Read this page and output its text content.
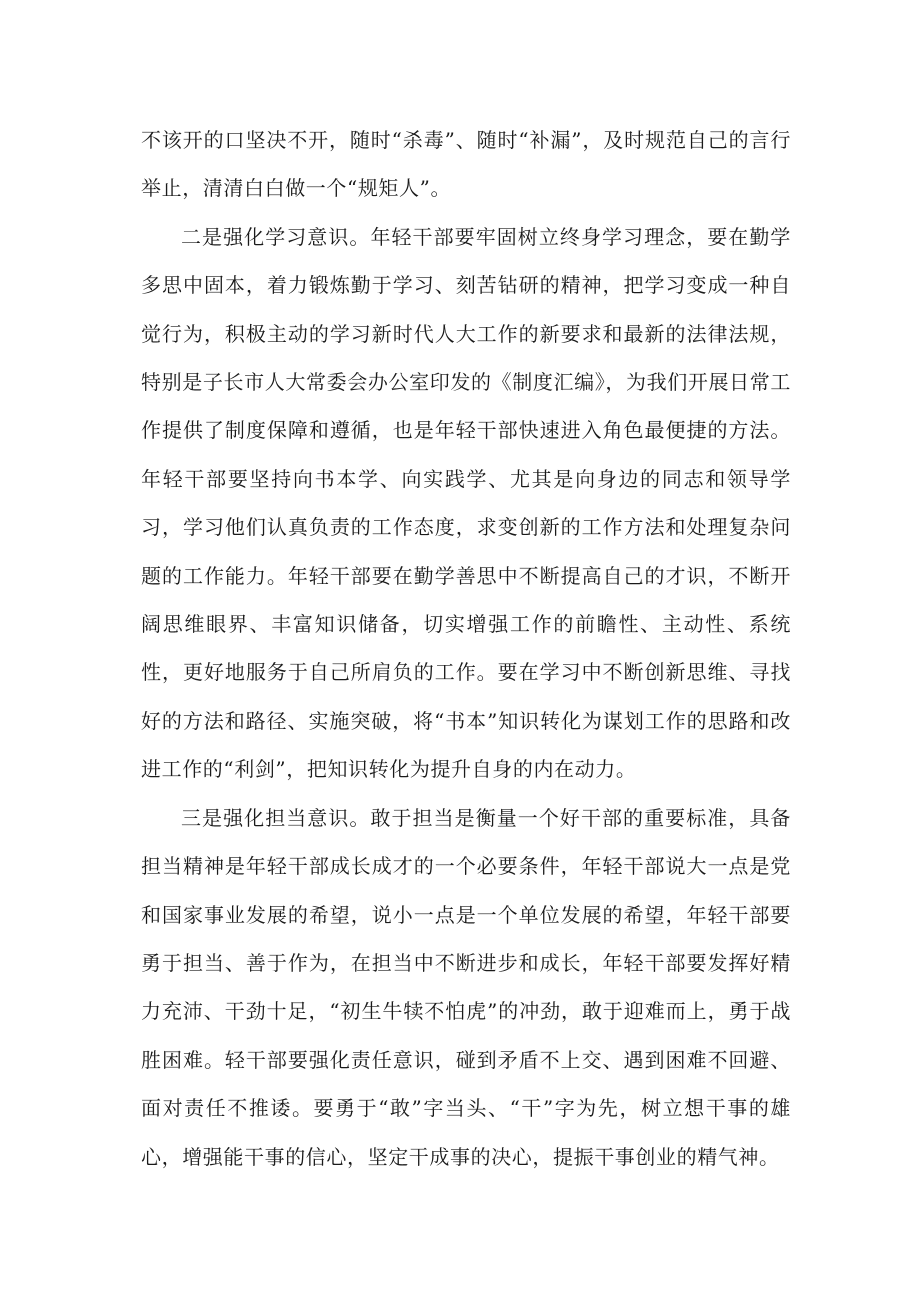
不该开的口坚决不开，随时“杀毒”、随时“补漏”，及时规范自己的言行举止，清清白白做一个“规矩人”。

二是强化学习意识。年轻干部要牢固树立终身学习理念，要在勤学多思中固本，着力锻炼勤于学习、刻苦钻研的精神，把学习变成一种自觉行为，积极主动的学习新时代人大工作的新要求和最新的法律法规，特别是子长市人大常委会办公室印发的《制度汇编》，为我们开展日常工作提供了制度保障和遵循，也是年轻干部快速进入角色最便捷的方法。年轻干部要坚持向书本学、向实践学、尤其是向身边的同志和领导学习，学习他们认真负责的工作态度，求变创新的工作方法和处理复杂问题的工作能力。年轻干部要在勤学善思中不断提高自己的才识，不断开阔思维眼界、丰富知识储备，切实增强工作的前瞻性、主动性、系统性，更好地服务于自己所肩负的工作。要在学习中不断创新思维、寻找好的方法和路径、实施突破，将“书本”知识转化为谋划工作的思路和改进工作的“利剑”，把知识转化为提升自身的内在动力。

三是强化担当意识。敢于担当是衡量一个好干部的重要标准，具备担当精神是年轻干部成长成才的一个必要条件，年轻干部说大一点是党和国家事业发展的希望，说小一点是一个单位发展的希望，年轻干部要勇于担当、善于作为，在担当中不断进步和成长，年轻干部要发挥好精力充沛、干劲十足，“初生牛犊不怕虎”的冲劲，敢于迎难而上，勇于战胜困难。轻干部要强化责任意识，碰到矛盾不上交、遇到困难不回避、面对责任不推诿。要勇于“敢”字当头、“干”字为先，树立想干事的雄心，增强能干事的信心，坚定干成事的决心，提振干事创业的精气神。
